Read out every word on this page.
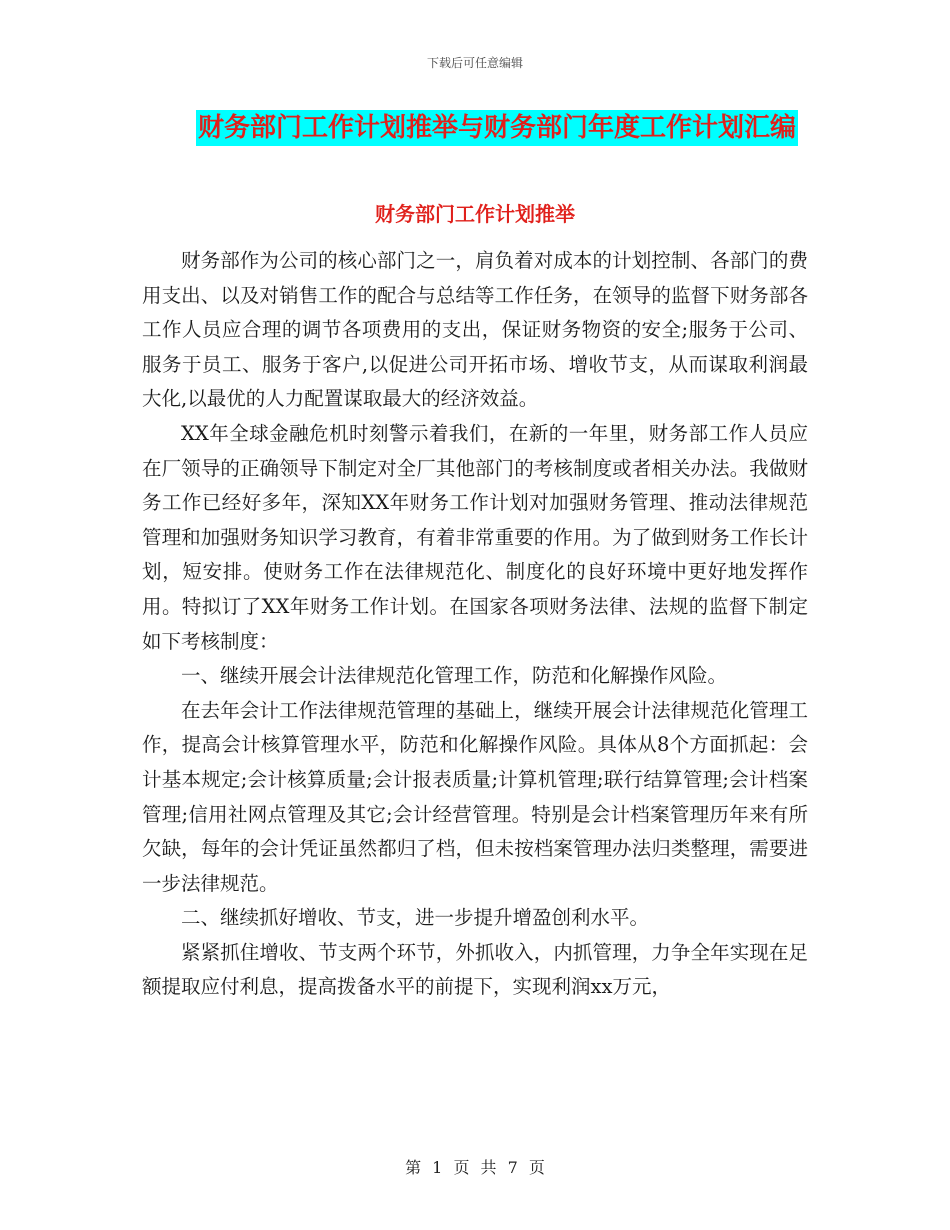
下载后可任意编辑
财务部门工作计划推举与财务部门年度工作计划汇编
财务部门工作计划推举

财务部作为公司的核心部门之一，肩负着对成本的计划控制、各部门的费用支出、以及对销售工作的配合与总结等工作任务，在领导的监督下财务部各工作人员应合理的调节各项费用的支出，保证财务物资的安全;服务于公司、服务于员工、服务于客户,以促进公司开拓市场、增收节支，从而谋取利润最大化,以最优的人力配置谋取最大的经济效益。

XX年全球金融危机时刻警示着我们，在新的一年里，财务部工作人员应在厂领导的正确领导下制定对全厂其他部门的考核制度或者相关办法。我做财务工作已经好多年，深知XX年财务工作计划对加强财务管理、推动法律规范管理和加强财务知识学习教育，有着非常重要的作用。为了做到财务工作长计划，短安排。使财务工作在法律规范化、制度化的良好环境中更好地发挥作用。特拟订了XX年财务工作计划。在国家各项财务法律、法规的监督下制定如下考核制度：

一、继续开展会计法律规范化管理工作，防范和化解操作风险。

在去年会计工作法律规范管理的基础上，继续开展会计法律规范化管理工作，提高会计核算管理水平，防范和化解操作风险。具体从8个方面抓起：会计基本规定;会计核算质量;会计报表质量;计算机管理;联行结算管理;会计档案管理;信用社网点管理及其它;会计经营管理。特别是会计档案管理历年来有所欠缺，每年的会计凭证虽然都归了档，但未按档案管理办法归类整理，需要进一步法律规范。

二、继续抓好增收、节支，进一步提升增盈创利水平。

紧紧抓住增收、节支两个环节，外抓收入，内抓管理，力争全年实现在足额提取应付利息，提高拨备水平的前提下，实现利润xx万元，

第 1 页 共 7 页
